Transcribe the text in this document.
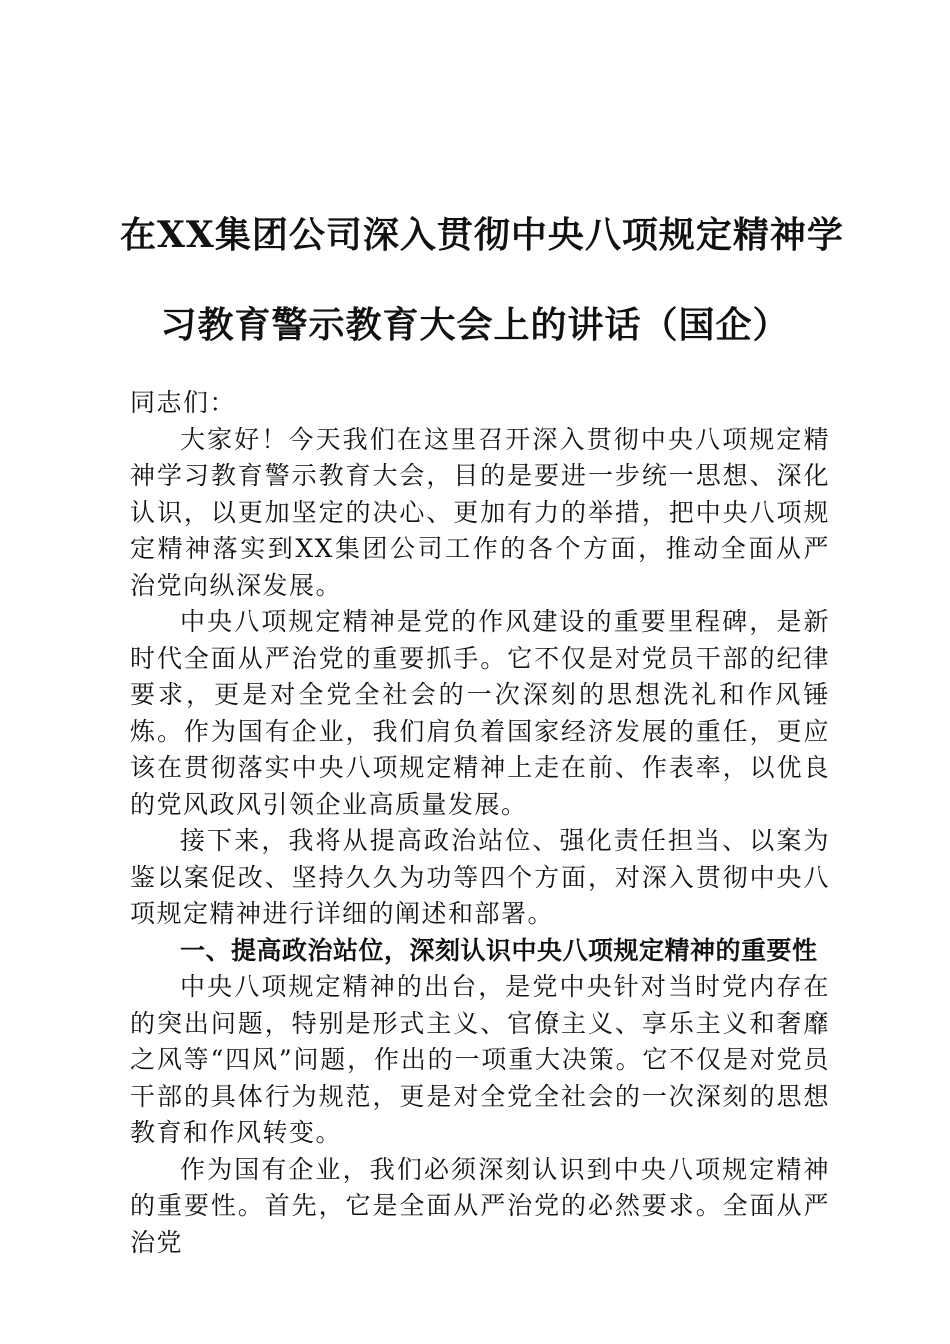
在XX集团公司深入贯彻中央八项规定精神学
习教育警示教育大会上的讲话（国企）

同志们：

大家好！今天我们在这里召开深入贯彻中央八项规定精神学习教育警示教育大会，目的是要进一步统一思想、深化认识，以更加坚定的决心、更加有力的举措，把中央八项规定精神落实到XX集团公司工作的各个方面，推动全面从严治党向纵深发展。

中央八项规定精神是党的作风建设的重要里程碑，是新时代全面从严治党的重要抓手。它不仅是对党员干部的纪律要求，更是对全党全社会的一次深刻的思想洗礼和作风锤炼。作为国有企业，我们肩负着国家经济发展的重任，更应该在贯彻落实中央八项规定精神上走在前、作表率，以优良的党风政风引领企业高质量发展。

接下来，我将从提高政治站位、强化责任担当、以案为鉴以案促改、坚持久久为功等四个方面，对深入贯彻中央八项规定精神进行详细的阐述和部署。

一、提高政治站位，深刻认识中央八项规定精神的重要性

中央八项规定精神的出台，是党中央针对当时党内存在的突出问题，特别是形式主义、官僚主义、享乐主义和奢靡之风等“四风”问题，作出的一项重大决策。它不仅是对党员干部的具体行为规范，更是对全党全社会的一次深刻的思想教育和作风转变。

作为国有企业，我们必须深刻认识到中央八项规定精神的重要性。首先，它是全面从严治党的必然要求。全面从严治党
